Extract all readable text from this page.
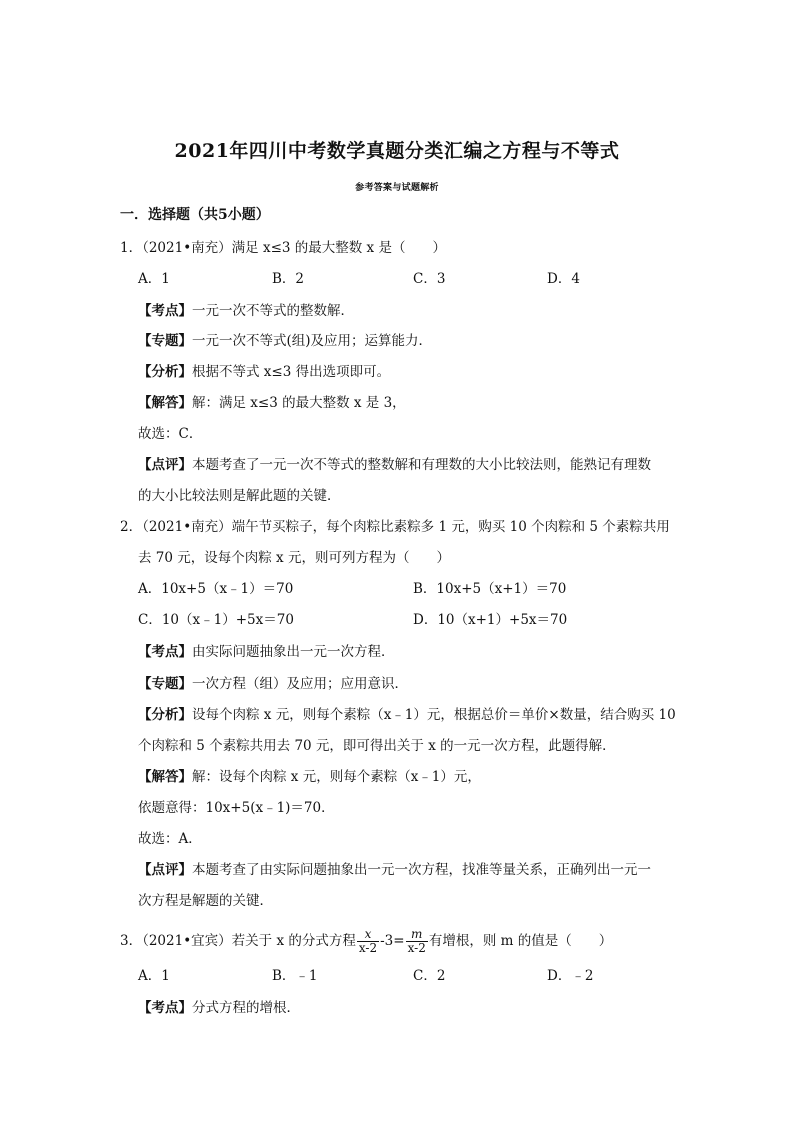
2021年四川中考数学真题分类汇编之方程与不等式
参考答案与试题解析
一．选择题（共5小题）
1．（2021•南充）满足 x≤3 的最大整数 x 是（　　）
A．1	B．2	C．3	D．4
【考点】一元一次不等式的整数解．
【专题】一元一次不等式(组)及应用；运算能力．
【分析】根据不等式 x≤3 得出选项即可。
【解答】解：满足 x≤3 的最大整数 x 是 3，
故选：C．
【点评】本题考查了一元一次不等式的整数解和有理数的大小比较法则，能熟记有理数
的大小比较法则是解此题的关键．
2．（2021•南充）端午节买粽子，每个肉粽比素粽多 1 元，购买 10 个肉粽和 5 个素粽共用
去 70 元，设每个肉粽 x 元，则可列方程为（　　）
A．10x+5（x﹣1）＝70	B．10x+5（x+1）＝70
C．10（x﹣1）+5x＝70	D．10（x+1）+5x＝70
【考点】由实际问题抽象出一元一次方程．
【专题】一次方程（组）及应用；应用意识．
【分析】设每个肉粽 x 元，则每个素粽（x﹣1）元，根据总价＝单价×数量，结合购买 10
个肉粽和 5 个素粽共用去 70 元，即可得出关于 x 的一元一次方程，此题得解．
【解答】解：设每个肉粽 x 元，则每个素粽（x﹣1）元，
依题意得：10x+5(x﹣1)＝70．
故选：A．
【点评】本题考查了由实际问题抽象出一元一次方程，找准等量关系，正确列出一元一
次方程是解题的关键．
3．（2021•宜宾）若关于 x 的分式方程 $\frac{x}{x-2} -3= \frac{m}{x-2}$ 有增根，则 m 的值是（　　）
A．1	B．﹣1	C．2	D．﹣2
【考点】分式方程的增根．
